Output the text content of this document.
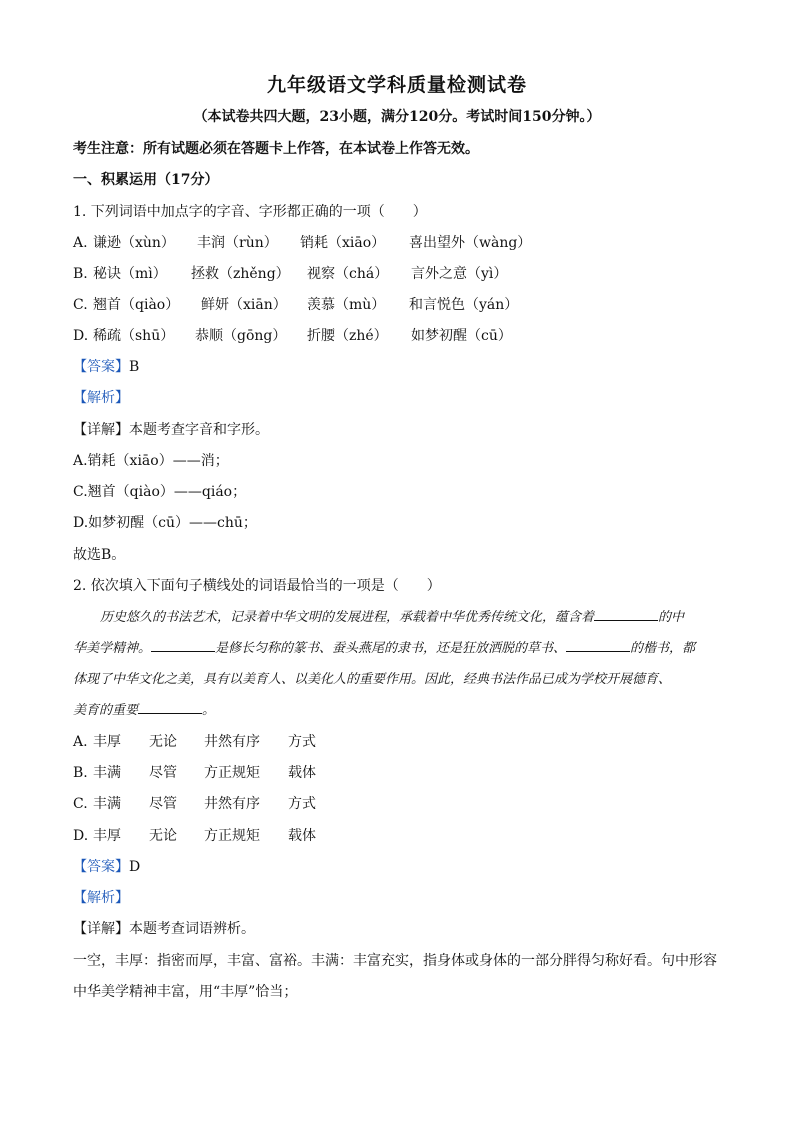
九年级语文学科质量检测试卷
（本试卷共四大题，23小题，满分120分。考试时间150分钟。）
考生注意：所有试题必须在答题卡上作答，在本试卷上作答无效。
一、积累运用（17分）
1. 下列词语中加点字的字音、字形都正确的一项（　　）
A. 谦逊（xùn） 丰润（rùn） 销耗（xiāo） 喜出望外（wàng）
B. 秘诀（mì） 拯救（zhěng） 视察（chá） 言外之意（yì）
C. 翘首（qiào） 鲜妍（xiān） 羡慕（mù） 和言悦色（yán）
D. 稀疏（shū） 恭顺（gōng） 折腰（zhé） 如梦初醒（cū）
【答案】B
【解析】
【详解】本题考查字音和字形。
A.销耗（xiāo）——消；
C.翘首（qiào）——qiáo；
D.如梦初醒（cū）——chū；
故选B。
2. 依次填入下面句子横线处的词语最恰当的一项是（　　）
历史悠久的书法艺术，记录着中华文明的发展进程，承载着中华优秀传统文化，蕴含着	的中
华美学精神。	是修长匀称的篆书、蚕头燕尾的隶书，还是狂放洒脱的草书、	的楷书，都
体现了中华文化之美，具有以美育人、以美化人的重要作用。因此，经典书法作品已成为学校开展德育、
美育的重要	。
A. 丰厚 无论 井然有序 方式
B. 丰满 尽管 方正规矩 载体
C. 丰满 尽管 井然有序 方式
D. 丰厚 无论 方正规矩 载体
【答案】D
【解析】
【详解】本题考查词语辨析。
一空，丰厚：指密而厚，丰富、富裕。丰满：丰富充实，指身体或身体的一部分胖得匀称好看。句中形容
中华美学精神丰富，用“丰厚”恰当；
